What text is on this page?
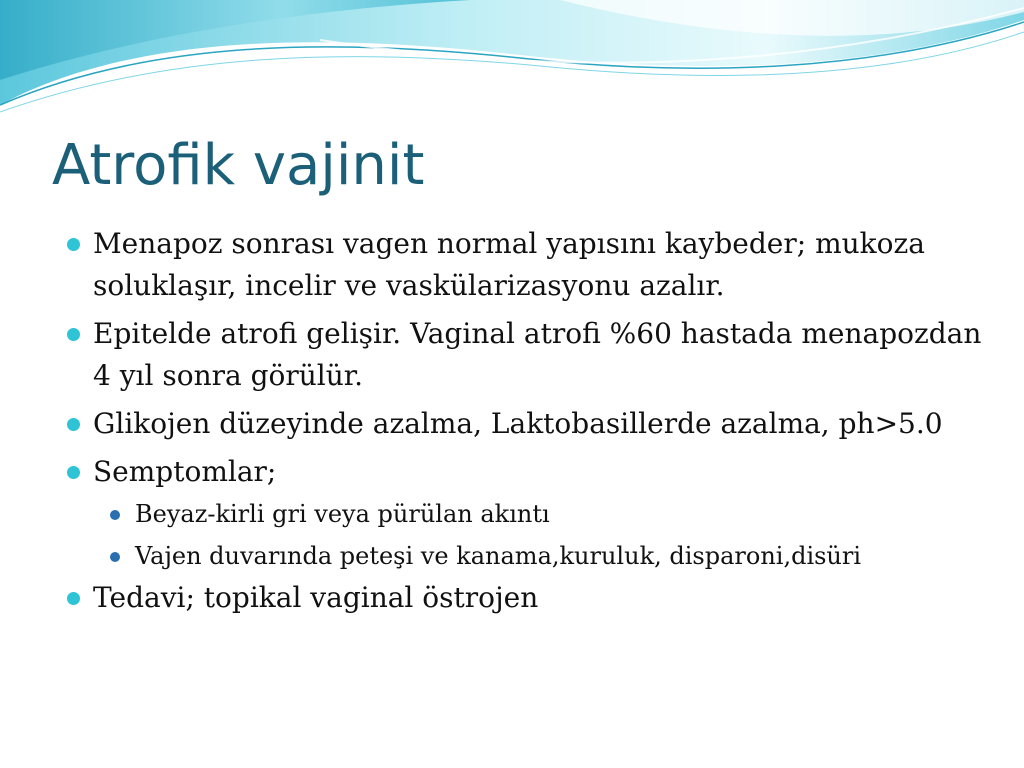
Atrofik vajinit
Menapoz sonrası vagen normal yapısını kaybeder; mukoza soluklaşır, incelir ve vaskülarizasyonu azalır.
Epitelde atrofi gelişir. Vaginal atrofi %60 hastada menapozdan 4 yıl sonra görülür.
Glikojen düzeyinde azalma, Laktobasillerde azalma, ph>5.0
Semptomlar;
Beyaz-kirli gri veya pürülan akıntı
Vajen duvarında peteşi ve kanama,kuruluk, disparoni,disüri
Tedavi; topikal vaginal östrojen
